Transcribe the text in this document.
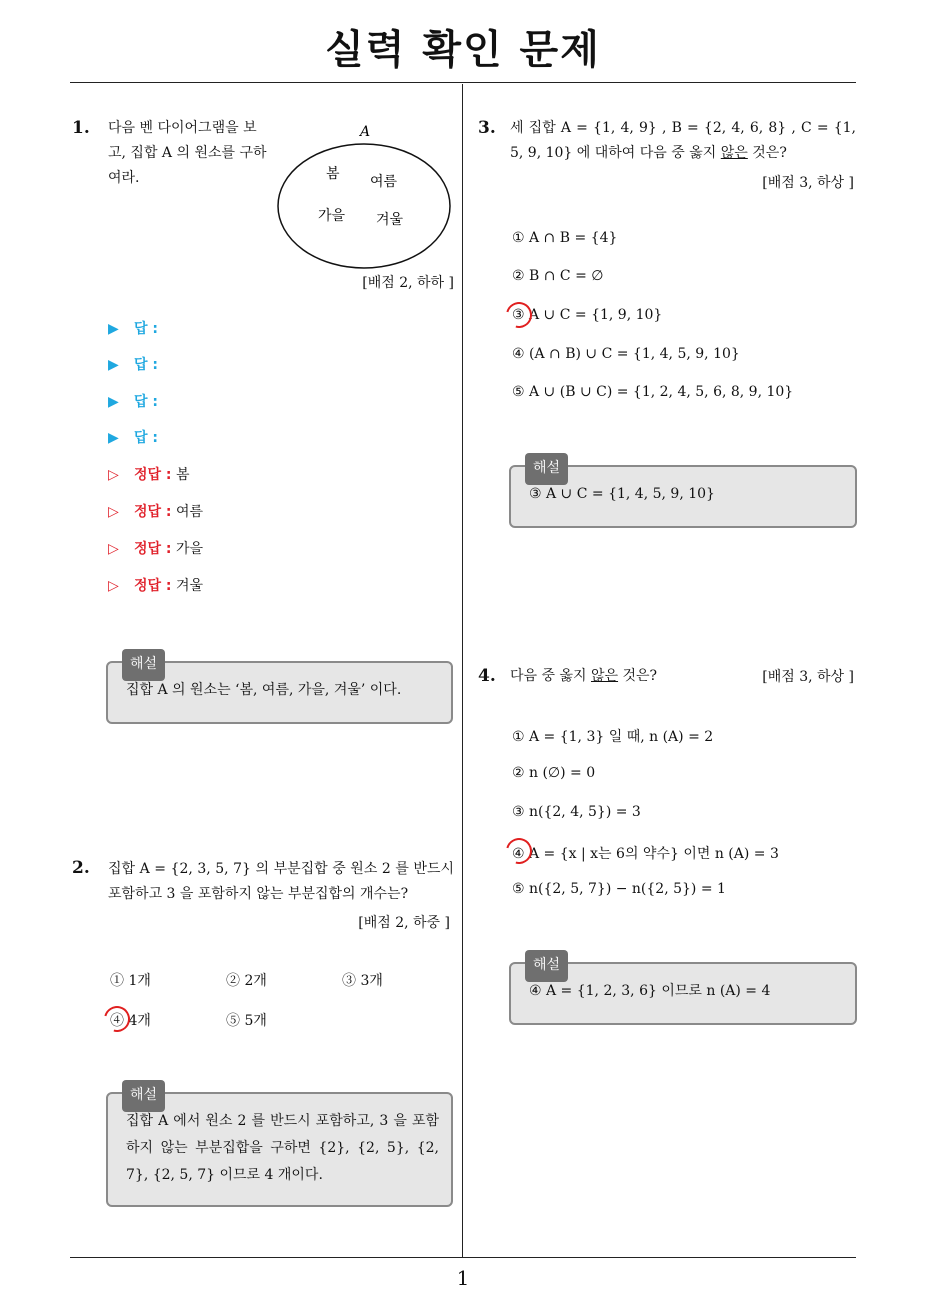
실력 확인 문제
1
1. 다음 벤 다이어그램을 보고, 집합 A 의 원소를 구하여라.
A
봄 여름
가을 겨울
[배점 2, 하하 ]
▶ 답 :
▶ 답 :
▶ 답 :
▶ 답 :
▷ 정답 : 봄
▷ 정답 : 여름
▷ 정답 : 가을
▷ 정답 : 겨울
해설
집합 A 의 원소는 ‘봄, 여름, 가을, 겨울’ 이다.
2. 집합 A = {2, 3, 5, 7} 의 부분집합 중 원소 2 를 반드시 포함하고 3 을 포함하지 않는 부분집합의 개수는?
[배점 2, 하중 ]
① 1개	② 2개	③ 3개
④ 4개	⑤ 5개
해설
집합 A 에서 원소 2 를 반드시 포함하고, 3 을 포함하지 않는 부분집합을 구하면 {2}, {2, 5}, {2, 7}, {2, 5, 7} 이므로 4 개이다.
3. 세 집합 A = {1, 4, 9} , B = {2, 4, 6, 8} , C = {1, 5, 9, 10} 에 대하여 다음 중 옳지 않은 것은?
[배점 3, 하상 ]
① A ∩ B = {4}
② B ∩ C = ∅
③ A ∪ C = {1, 9, 10}
④ (A ∩ B) ∪ C = {1, 4, 5, 9, 10}
⑤ A ∪ (B ∪ C) = {1, 2, 4, 5, 6, 8, 9, 10}
해설
③ A ∪ C = {1, 4, 5, 9, 10}
4. 다음 중 옳지 않은 것은?	[배점 3, 하상 ]
① A = {1, 3} 일 때, n (A) = 2
② n (∅) = 0
③ n({2, 4, 5}) = 3
④ A = {x | x는 6의 약수} 이면 n (A) = 3
⑤ n({2, 5, 7}) − n({2, 5}) = 1
해설
④ A = {1, 2, 3, 6} 이므로 n (A) = 4
